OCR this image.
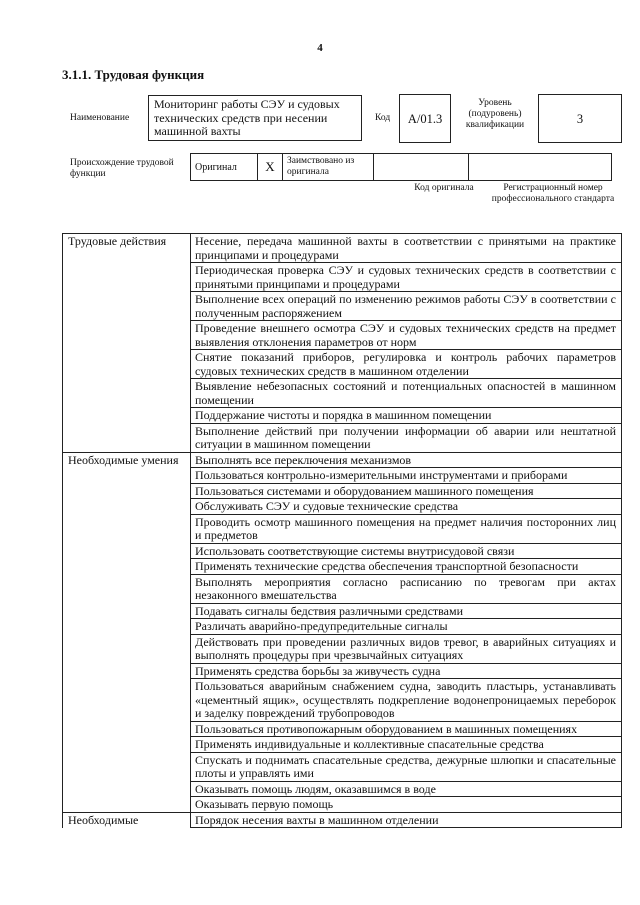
4
3.1.1. Трудовая функция
Наименование
Мониторинг работы СЭУ и судовых технических средств при несении машинной вахты
Код	A/01.3
Уровень (подуровень) квалификации	3
Происхождение трудовой функции
Оригинал	X	Заимствовано из оригинала		
Код оригинала	Регистрационный номер профессионального стандарта
Трудовые действия	Несение, передача машинной вахты в соответствии с принятыми на практике принципами и процедурами
	Периодическая проверка СЭУ и судовых технических средств в соответствии с принятыми принципами и процедурами
	Выполнение всех операций по изменению режимов работы СЭУ в соответствии с полученным распоряжением
	Проведение внешнего осмотра СЭУ и судовых технических средств на предмет выявления отклонения параметров от норм
	Снятие показаний приборов, регулировка и контроль рабочих параметров судовых технических средств в машинном отделении
	Выявление небезопасных состояний и потенциальных опасностей в машинном помещении
	Поддержание чистоты и порядка в машинном помещении
	Выполнение действий при получении информации об аварии или нештатной ситуации в машинном помещении
Необходимые умения	Выполнять все переключения механизмов
	Пользоваться контрольно-измерительными инструментами и приборами
	Пользоваться системами и оборудованием машинного помещения
	Обслуживать СЭУ и судовые технические средства
	Проводить осмотр машинного помещения на предмет наличия посторонних лиц и предметов
	Использовать соответствующие системы внутрисудовой связи
	Применять технические средства обеспечения транспортной безопасности
	Выполнять мероприятия согласно расписанию по тревогам при актах незаконного вмешательства
	Подавать сигналы бедствия различными средствами
	Различать аварийно-предупредительные сигналы
	Действовать при проведении различных видов тревог, в аварийных ситуациях и выполнять процедуры при чрезвычайных ситуациях
	Применять средства борьбы за живучесть судна
	Пользоваться аварийным снабжением судна, заводить пластырь, устанавливать «цементный ящик», осуществлять подкрепление водонепроницаемых переборок и заделку повреждений трубопроводов
	Пользоваться противопожарным оборудованием в машинных помещениях
	Применять индивидуальные и коллективные спасательные средства
	Спускать и поднимать спасательные средства, дежурные шлюпки и спасательные плоты и управлять ими
	Оказывать помощь людям, оказавшимся в воде
	Оказывать первую помощь
Необходимые	Порядок несения вахты в машинном отделении
